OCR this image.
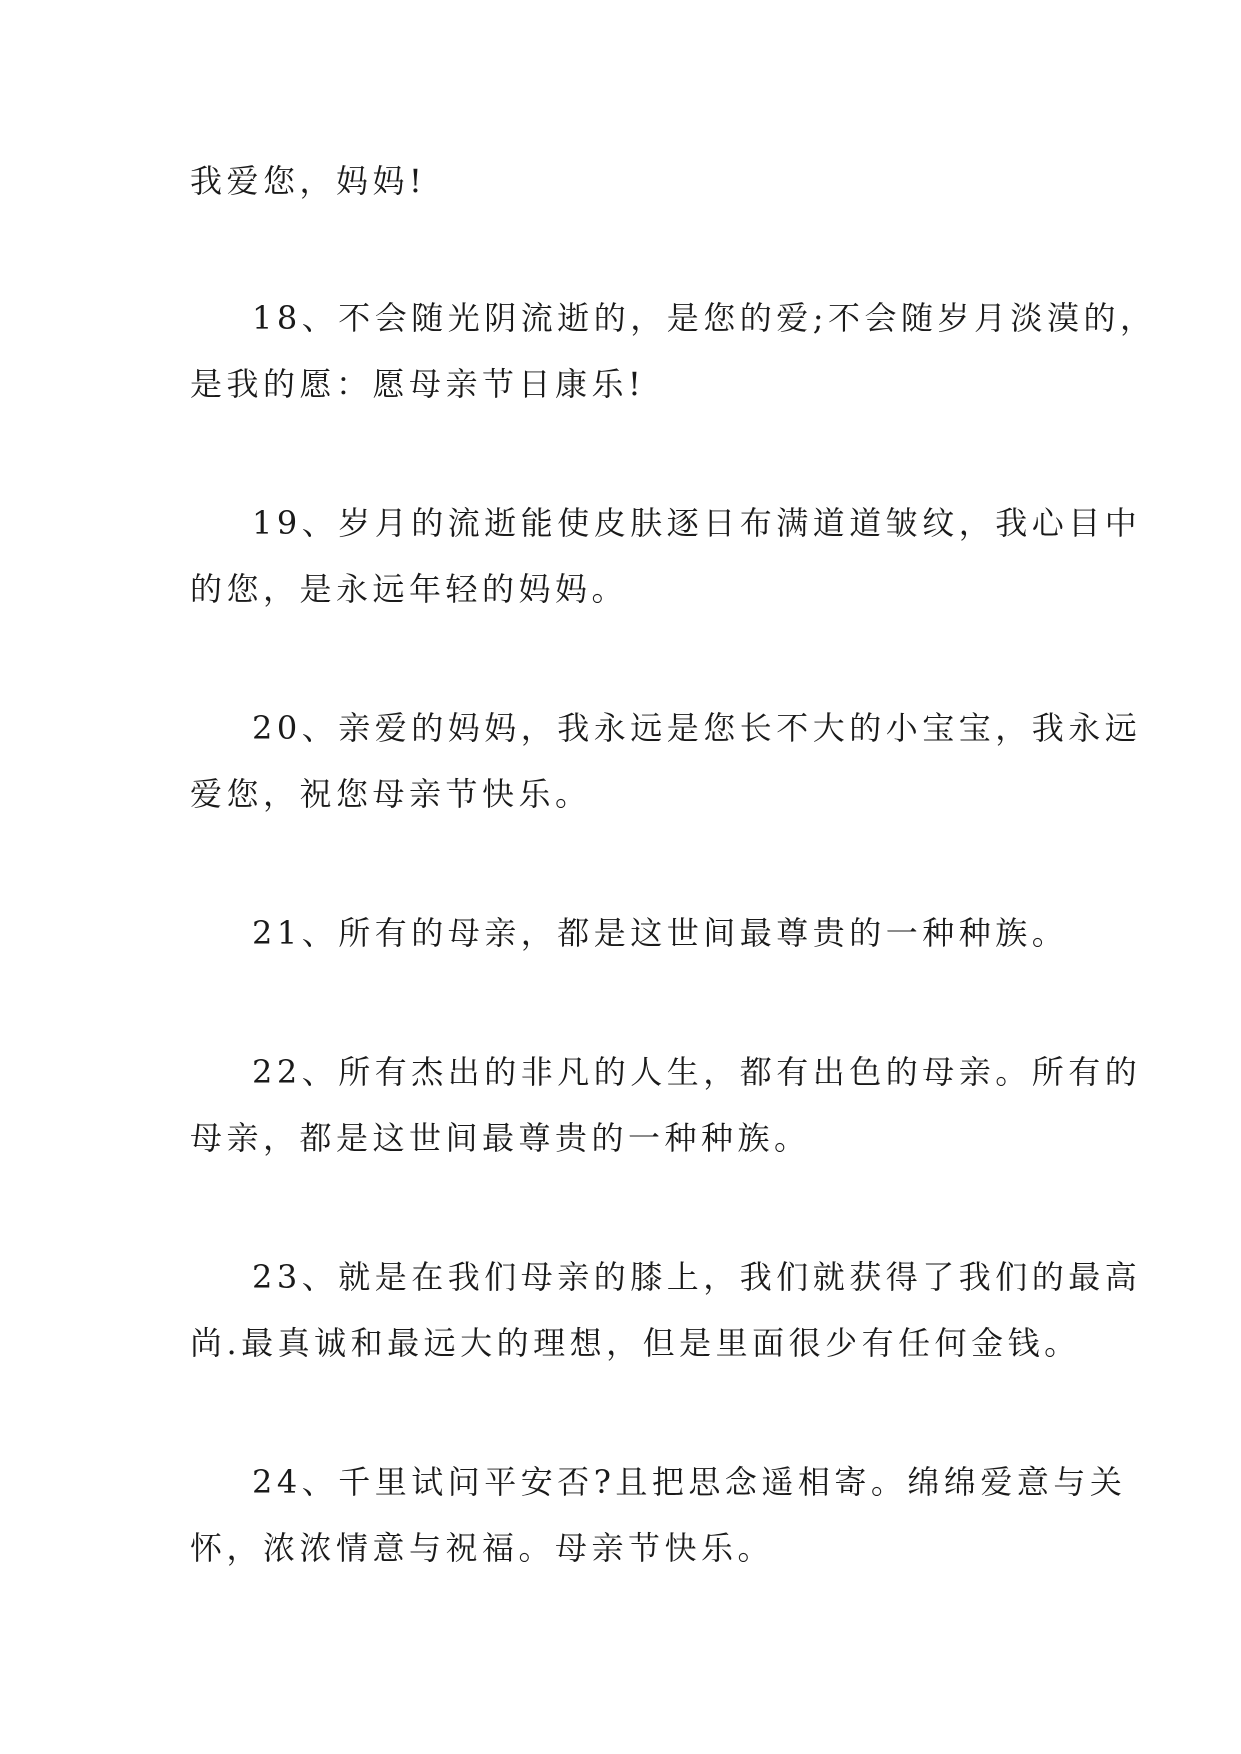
我爱您，妈妈!
18、不会随光阴流逝的，是您的爱;不会随岁月淡漠的，
是我的愿：愿母亲节日康乐!
19、岁月的流逝能使皮肤逐日布满道道皱纹，我心目中
的您，是永远年轻的妈妈。
20、亲爱的妈妈，我永远是您长不大的小宝宝，我永远
爱您，祝您母亲节快乐。
21、所有的母亲，都是这世间最尊贵的一种种族。
22、所有杰出的非凡的人生，都有出色的母亲。所有的
母亲，都是这世间最尊贵的一种种族。
23、就是在我们母亲的膝上，我们就获得了我们的最高
尚.最真诚和最远大的理想，但是里面很少有任何金钱。
24、千里试问平安否?且把思念遥相寄。绵绵爱意与关
怀，浓浓情意与祝福。母亲节快乐。
